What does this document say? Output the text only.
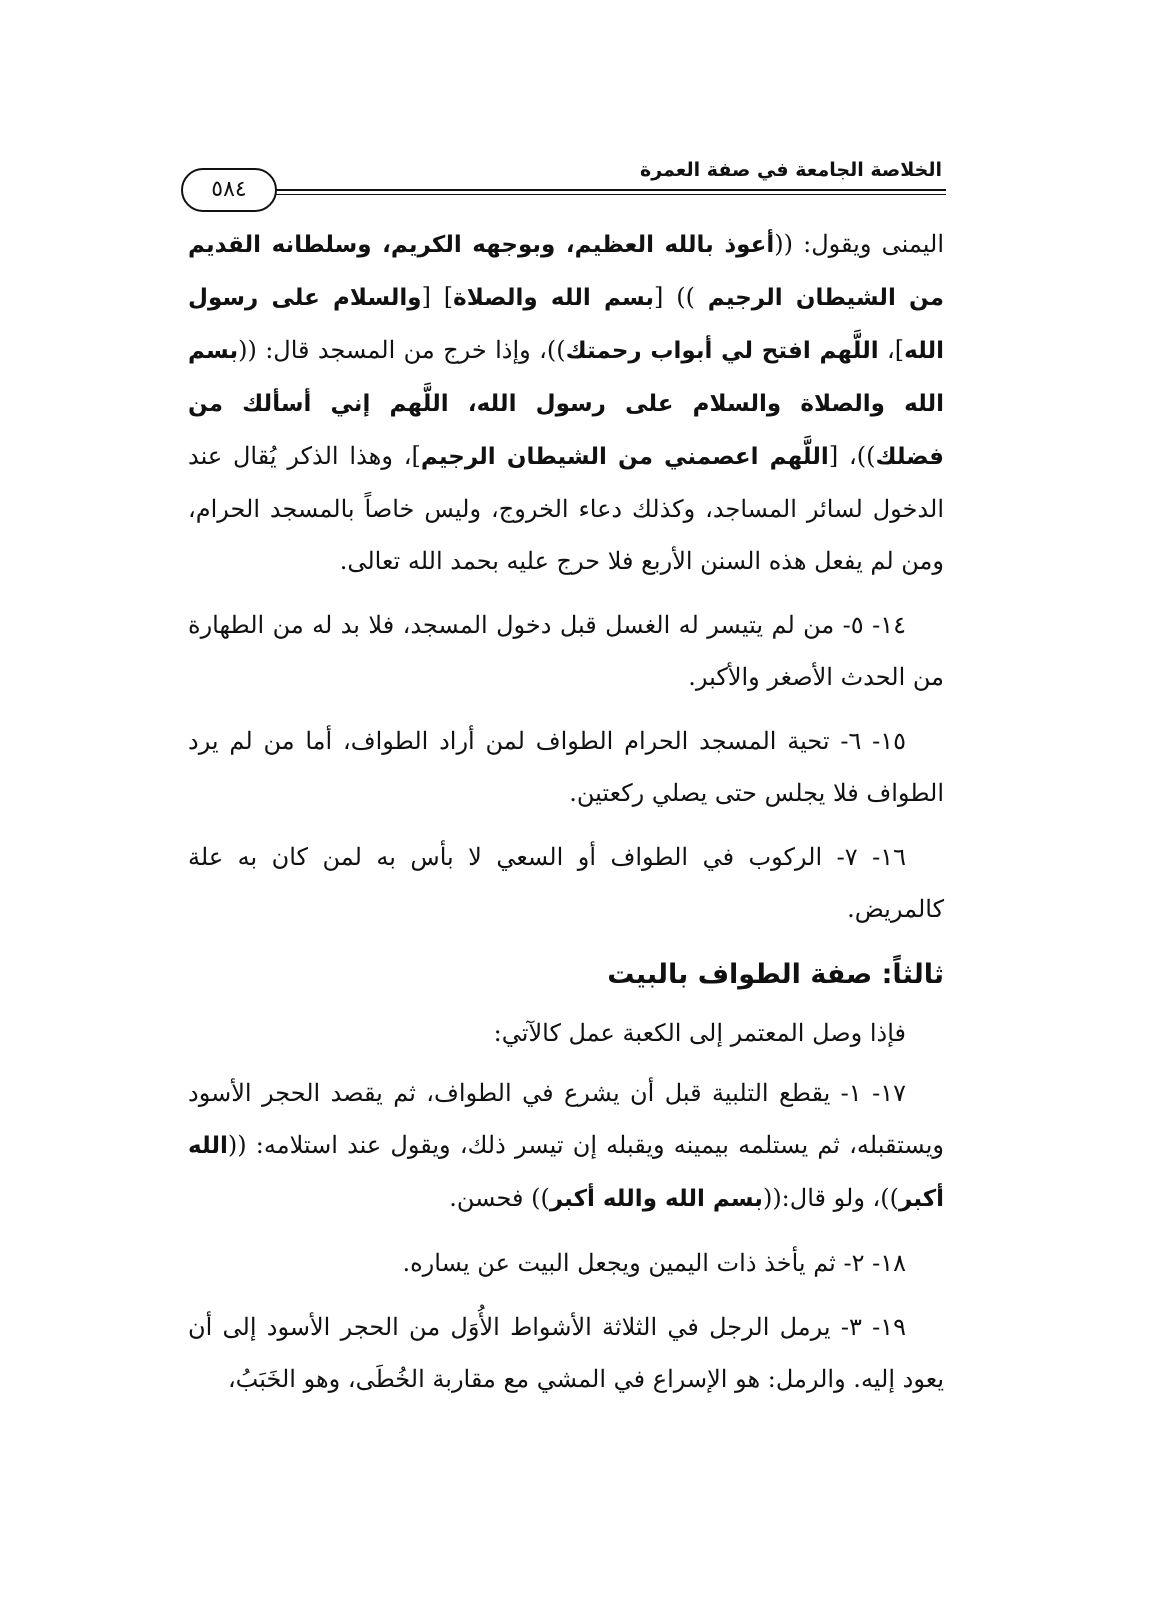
الخلاصة الجامعة في صفة العمرة
٥٨٤

اليمنى ويقول: ((أعوذ بالله العظيم، وبوجهه الكريم، وسلطانه القديم من الشيطان الرجيم )) [بسم الله والصلاة] [والسلام على رسول الله]، اللَّهم افتح لي أبواب رحمتك))، وإذا خرج من المسجد قال: ((بسم الله والصلاة والسلام على رسول الله، اللَّهم إني أسألك من فضلك))، [اللَّهم اعصمني من الشيطان الرجيم]، وهذا الذكر يُقال عند الدخول لسائر المساجد، وكذلك دعاء الخروج، وليس خاصاً بالمسجد الحرام، ومن لم يفعل هذه السنن الأربع فلا حرج عليه بحمد الله تعالى.

١٤- ٥- من لم يتيسر له الغسل قبل دخول المسجد، فلا بد له من الطهارة من الحدث الأصغر والأكبر.

١٥- ٦- تحية المسجد الحرام الطواف لمن أراد الطواف، أما من لم يرد الطواف فلا يجلس حتى يصلي ركعتين.

١٦- ٧- الركوب في الطواف أو السعي لا بأس به لمن كان به علة كالمريض.

ثالثاً: صفة الطواف بالبيت

فإذا وصل المعتمر إلى الكعبة عمل كالآتي:

١٧- ١- يقطع التلبية قبل أن يشرع في الطواف، ثم يقصد الحجر الأسود ويستقبله، ثم يستلمه بيمينه ويقبله إن تيسر ذلك، ويقول عند استلامه: ((الله أكبر))، ولو قال:((بسم الله والله أكبر)) فحسن.

١٨- ٢- ثم يأخذ ذات اليمين ويجعل البيت عن يساره.

١٩- ٣- يرمل الرجل في الثلاثة الأشواط الأُوَل من الحجر الأسود إلى أن يعود إليه. والرمل: هو الإسراع في المشي مع مقاربة الخُطَى، وهو الخَبَبُ،
